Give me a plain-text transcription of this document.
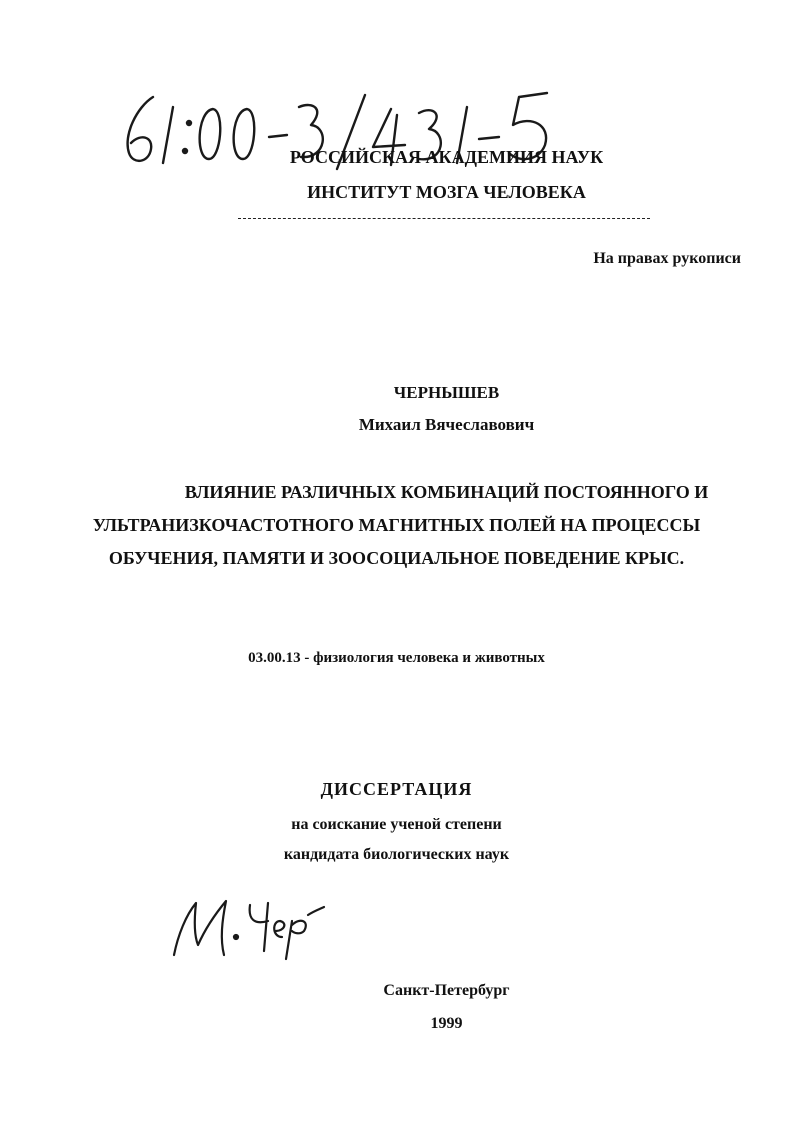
РОССИЙСКАЯ АКАДЕМИИЯ НАУК
ИНСТИТУТ МОЗГА ЧЕЛОВЕКА
На правах рукописи
ЧЕРНЫШЕВ
Михаил Вячеславович
ВЛИЯНИЕ РАЗЛИЧНЫХ КОМБИНАЦИЙ ПОСТОЯННОГО И
УЛЬТРАНИЗКОЧАСТОТНОГО МАГНИТНЫХ ПОЛЕЙ НА ПРОЦЕССЫ
ОБУЧЕНИЯ, ПАМЯТИ И ЗООСОЦИАЛЬНОЕ ПОВЕДЕНИЕ КРЫС.
03.00.13 - физиология человека и животных
ДИССЕРТАЦИЯ
на соискание ученой степени
кандидата биологических наук
Санкт-Петербург
1999
